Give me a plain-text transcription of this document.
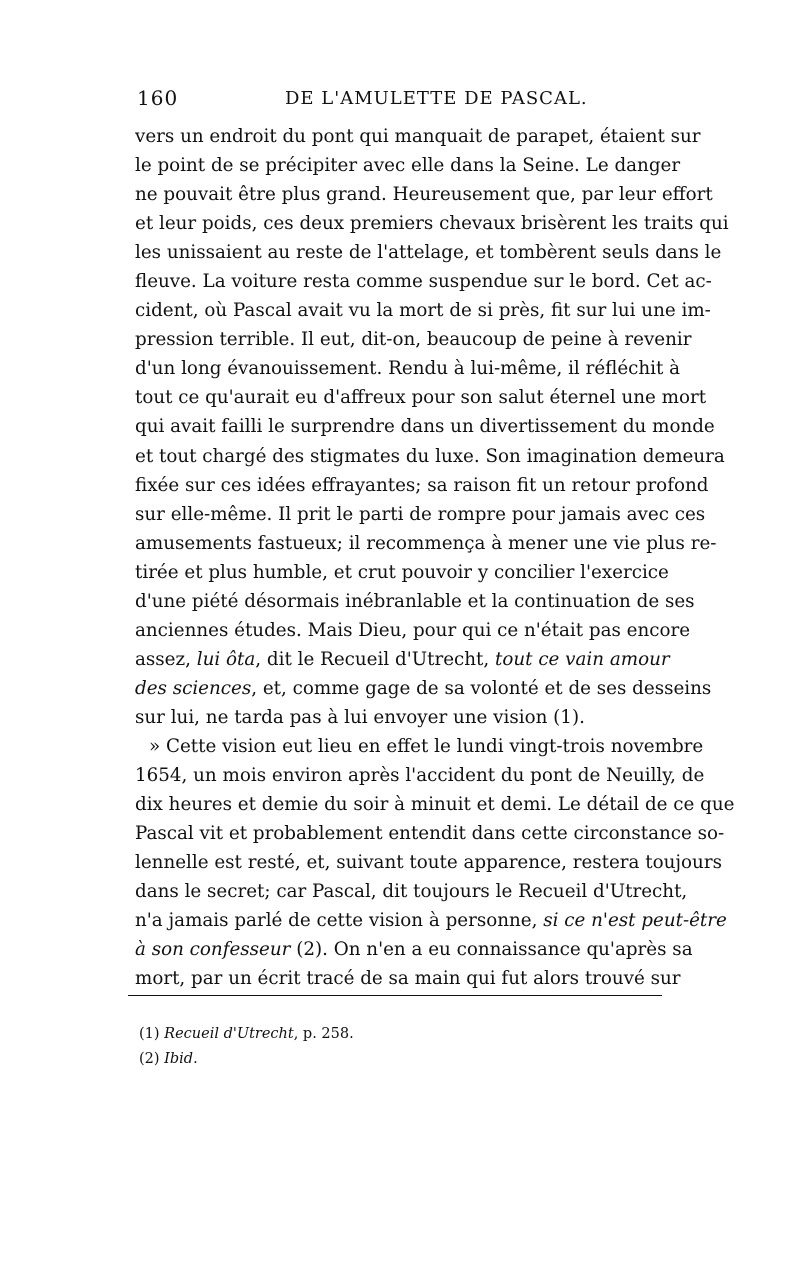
160	DE L'AMULETTE DE PASCAL.
vers un endroit du pont qui manquait de parapet, étaient sur
le point de se précipiter avec elle dans la Seine. Le danger
ne pouvait être plus grand. Heureusement que, par leur effort
et leur poids, ces deux premiers chevaux brisèrent les traits qui
les unissaient au reste de l'attelage, et tombèrent seuls dans le
fleuve. La voiture resta comme suspendue sur le bord. Cet ac-
cident, où Pascal avait vu la mort de si près, fit sur lui une im-
pression terrible. Il eut, dit-on, beaucoup de peine à revenir
d'un long évanouissement. Rendu à lui-même, il réfléchit à
tout ce qu'aurait eu d'affreux pour son salut éternel une mort
qui avait failli le surprendre dans un divertissement du monde
et tout chargé des stigmates du luxe. Son imagination demeura
fixée sur ces idées effrayantes; sa raison fit un retour profond
sur elle-même. Il prit le parti de rompre pour jamais avec ces
amusements fastueux; il recommença à mener une vie plus re-
tirée et plus humble, et crut pouvoir y concilier l'exercice
d'une piété désormais inébranlable et la continuation de ses
anciennes études. Mais Dieu, pour qui ce n'était pas encore
assez, lui ôta, dit le Recueil d'Utrecht, tout ce vain amour
des sciences, et, comme gage de sa volonté et de ses desseins
sur lui, ne tarda pas à lui envoyer une vision (1).
» Cette vision eut lieu en effet le lundi vingt-trois novembre
1654, un mois environ après l'accident du pont de Neuilly, de
dix heures et demie du soir à minuit et demi. Le détail de ce que
Pascal vit et probablement entendit dans cette circonstance so-
lennelle est resté, et, suivant toute apparence, restera toujours
dans le secret; car Pascal, dit toujours le Recueil d'Utrecht,
n'a jamais parlé de cette vision à personne, si ce n'est peut-être
à son confesseur (2). On n'en a eu connaissance qu'après sa
mort, par un écrit tracé de sa main qui fut alors trouvé sur
(1) Recueil d'Utrecht, p. 258.
(2) Ibid.
